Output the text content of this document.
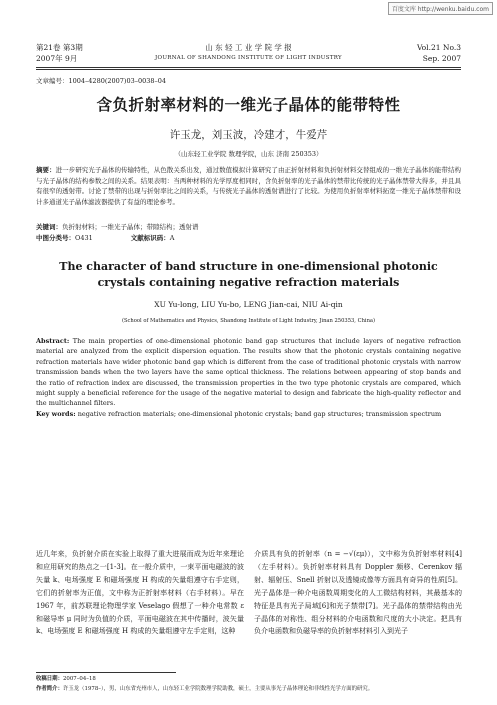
百度文库 http://wenku.baidu.com
第21卷 第3期
2007年 9月
山 东 轻 工 业 学 院 学 报
JOURNAL OF SHANDONG INSTITUTE OF LIGHT INDUSTRY
Vol.21 No.3
Sep. 2007
文章编号：1004–4280(2007)03–0038–04
含负折射率材料的一维光子晶体的能带特性
许玉龙，刘玉波，冷建才，牛爱芹
（山东轻工业学院 数理学院，山东 济南 250353）
摘要：进一步研究光子晶体的传输特性，从色散关系出发，通过数值模拟计算研究了由正折射材料和负折射材料交替组成的一维光子晶体的能带结构与光子晶体的结构参数之间的关系。结果表明：当两种材料的光学厚度相同时，含负折射率的光子晶体的禁带比传统的光子晶体禁带大得多，并且具有很窄的透射带。讨论了禁带的出现与折射率比之间的关系，与传统光子晶体的透射谱进行了比较。为使用负折射率材料拓宽一维光子晶体禁带和设计多通道光子晶体滤波器提供了有益的理论参考。
关键词：负折射材料；一维光子晶体；带隙结构；透射谱
中图分类号：O431	文献标识码：A
The character of band structure in one-dimensional photonic crystals containing negative refraction materials
XU Yu-long, LIU Yu-bo, LENG Jian-cai, NIU Ai-qin
(School of Mathematics and Physics, Shandong Institute of Light Industry, Jinan 250353, China)
Abstract: The main properties of one-dimensional photonic band gap structures that include layers of negative refraction material are analyzed from the explicit dispersion equation. The results show that the photonic crystals containing negative refraction materials have wider photonic band gap which is different from the case of traditional photonic crystals with narrow transmission bands when the two layers have the same optical thickness. The relations between appearing of stop bands and the ratio of refraction index are discussed, the transmission properties in the two type photonic crystals are compared, which might supply a beneficial reference for the usage of the negative material to design and fabricate the high-quality reflector and the multichannel filters.
Key words: negative refraction materials; one-dimensional photonic crystals; band gap structures; transmission spectrum
近几年来，负折射介质在实验上取得了重大进展而成为近年来理论和应用研究的热点之一[1-3]。在一般介质中，一束平面电磁波的波矢量 k、电场强度 E 和磁场强度 H 构成的矢量组遵守右手定则，它们的折射率为正值，文中称为正折射率材料（右手材料）。早在 1967 年，前苏联理论物理学家 Veselago 假想了一种介电常数 ε 和磁导率 μ 同时为负值的介质，平面电磁波在其中传播时，波矢量 k、电场强度 E 和磁场强度 H 构成的矢量组遵守左手定则，这种
介质具有负的折射率（n = −√(εμ)），文中称为负折射率材料[4]（左手材料）。负折射率材料具有 Doppler 频移、Cerenkov 辐射、辐射压、Snell 折射以及透镜成像等方面具有奇异的性质[5]。光子晶体是一种介电函数周期变化的人工微结构材料，其最基本的特征是具有光子局域[6]和光子禁带[7]。光子晶体的禁带结构由光子晶体的对称性、组分材料的介电函数和尺度的大小决定。把具有负介电函数和负磁导率的负折射率材料引入到光子
收稿日期：2007–04–18
作者简介：许玉龙（1978–），男，山东省充州市人，山东轻工业学院数理学院助教，硕士，主要从事光子晶体理论和非线性光学方面的研究。
